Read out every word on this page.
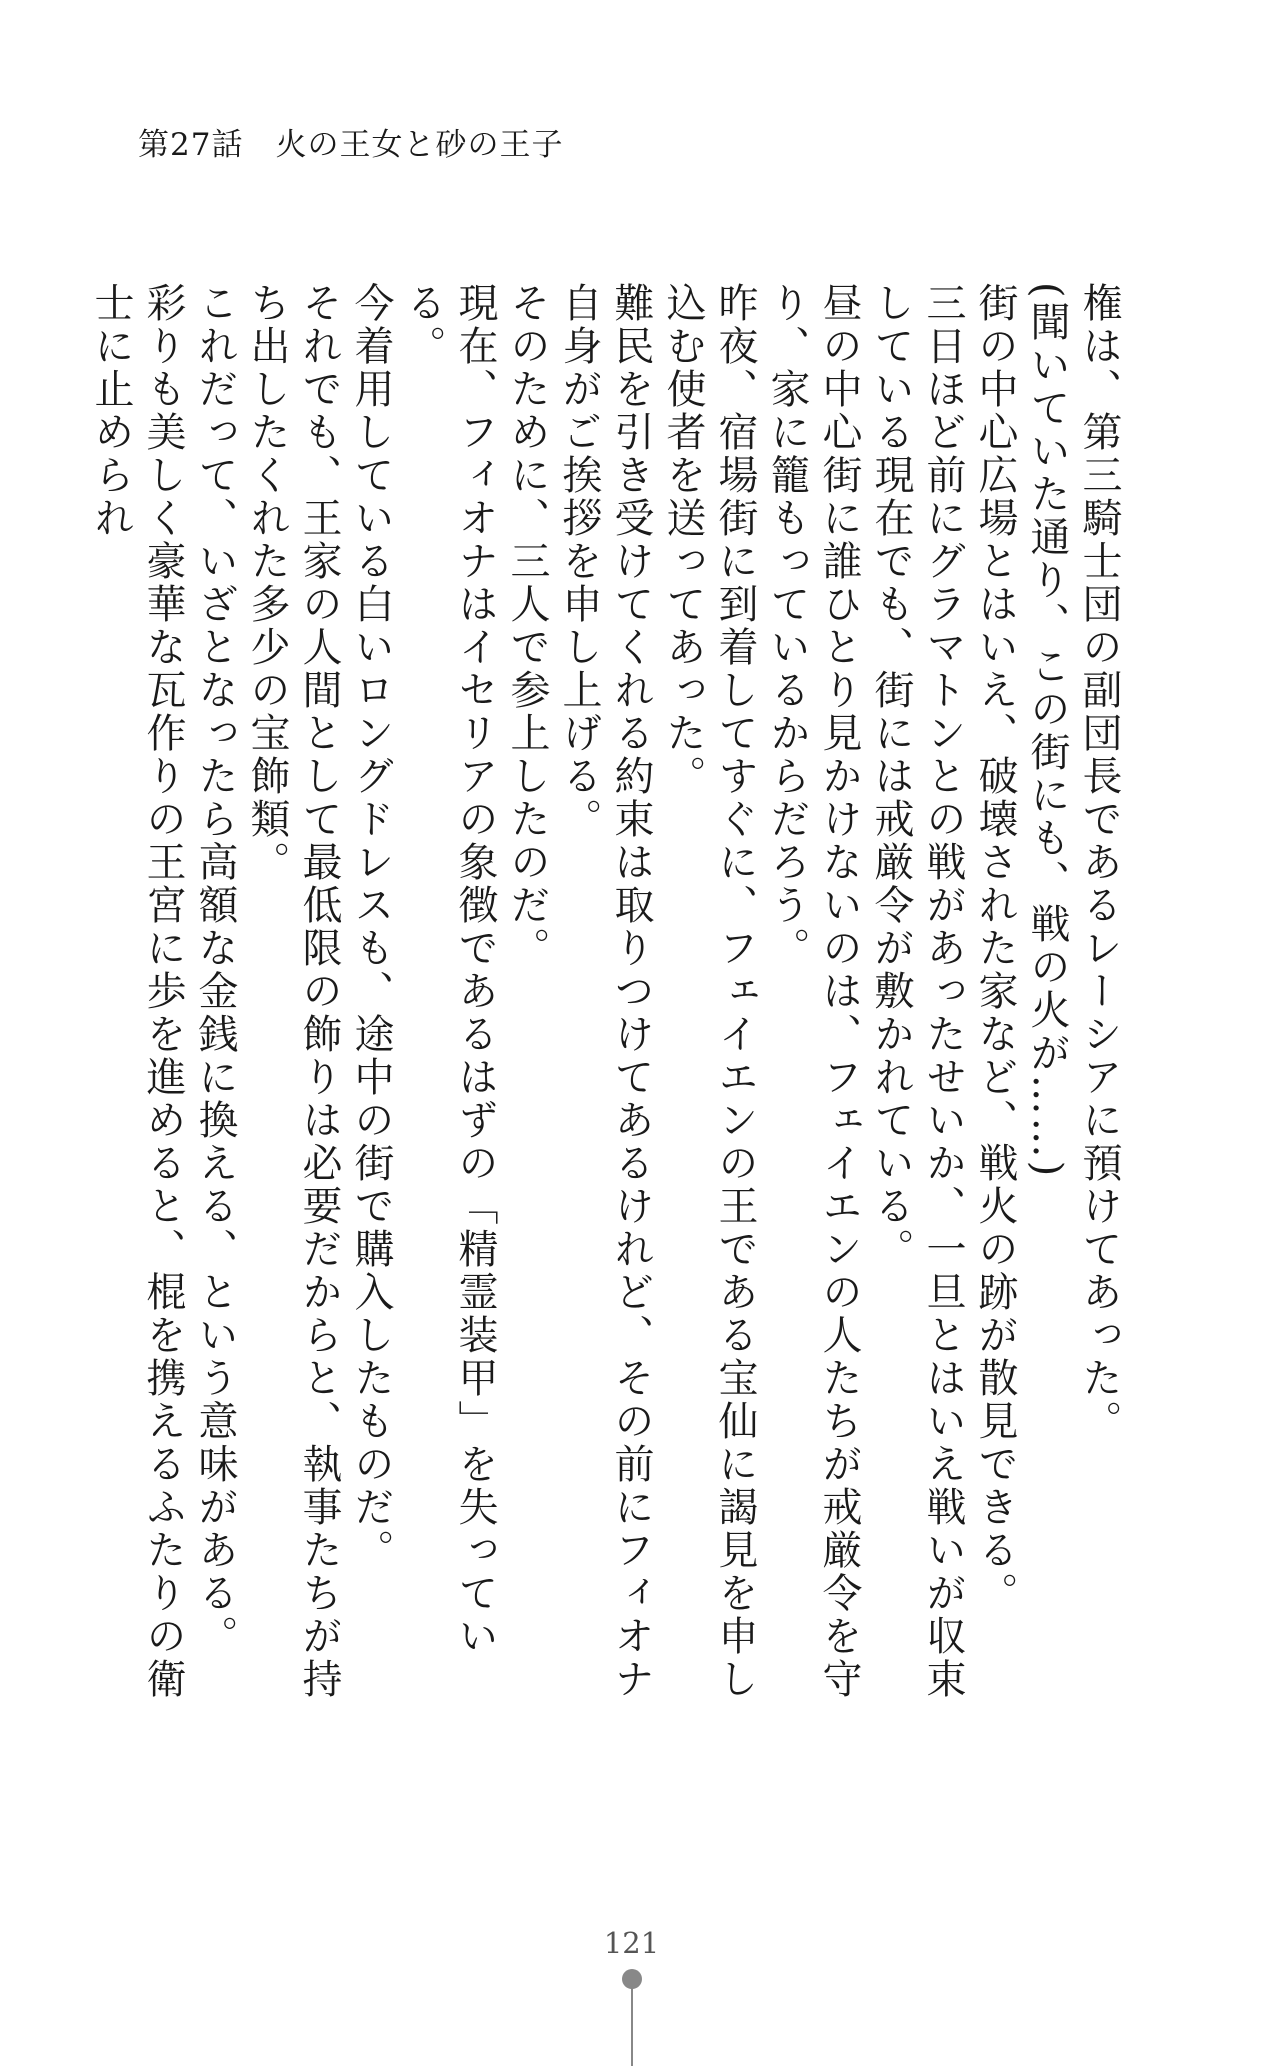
第27話　火の王女と砂の王子

権は、第三騎士団の副団長であるレーシアに預けてあった。

(聞いていた通り、この街にも、戦の火が……)

街の中心広場とはいえ、破壊された家など、戦火の跡が散見できる。

三日ほど前にグラマトンとの戦があったせいか、一旦とはいえ戦いが収束している現在でも、街には戒厳令が敷かれている。

昼の中心街に誰ひとり見かけないのは、フェイエンの人たちが戒厳令を守り、家に籠もっているからだろう。

昨夜、宿場街に到着してすぐに、フェイエンの王である宝仙に謁見を申し込む使者を送ってあった。

難民を引き受けてくれる約束は取りつけてあるけれど、その前にフィオナ自身がご挨拶を申し上げる。

そのために、三人で参上したのだ。

現在、フィオナはイセリアの象徴であるはずの「精霊装甲」を失っている。

今着用している白いロングドレスも、途中の街で購入したものだ。

それでも、王家の人間として最低限の飾りは必要だからと、執事たちが持ち出したくれた多少の宝飾類。

これだって、いざとなったら高額な金銭に換える、という意味がある。

彩りも美しく豪華な瓦作りの王宮に歩を進めると、棍を携えるふたりの衛士に止められ

121
